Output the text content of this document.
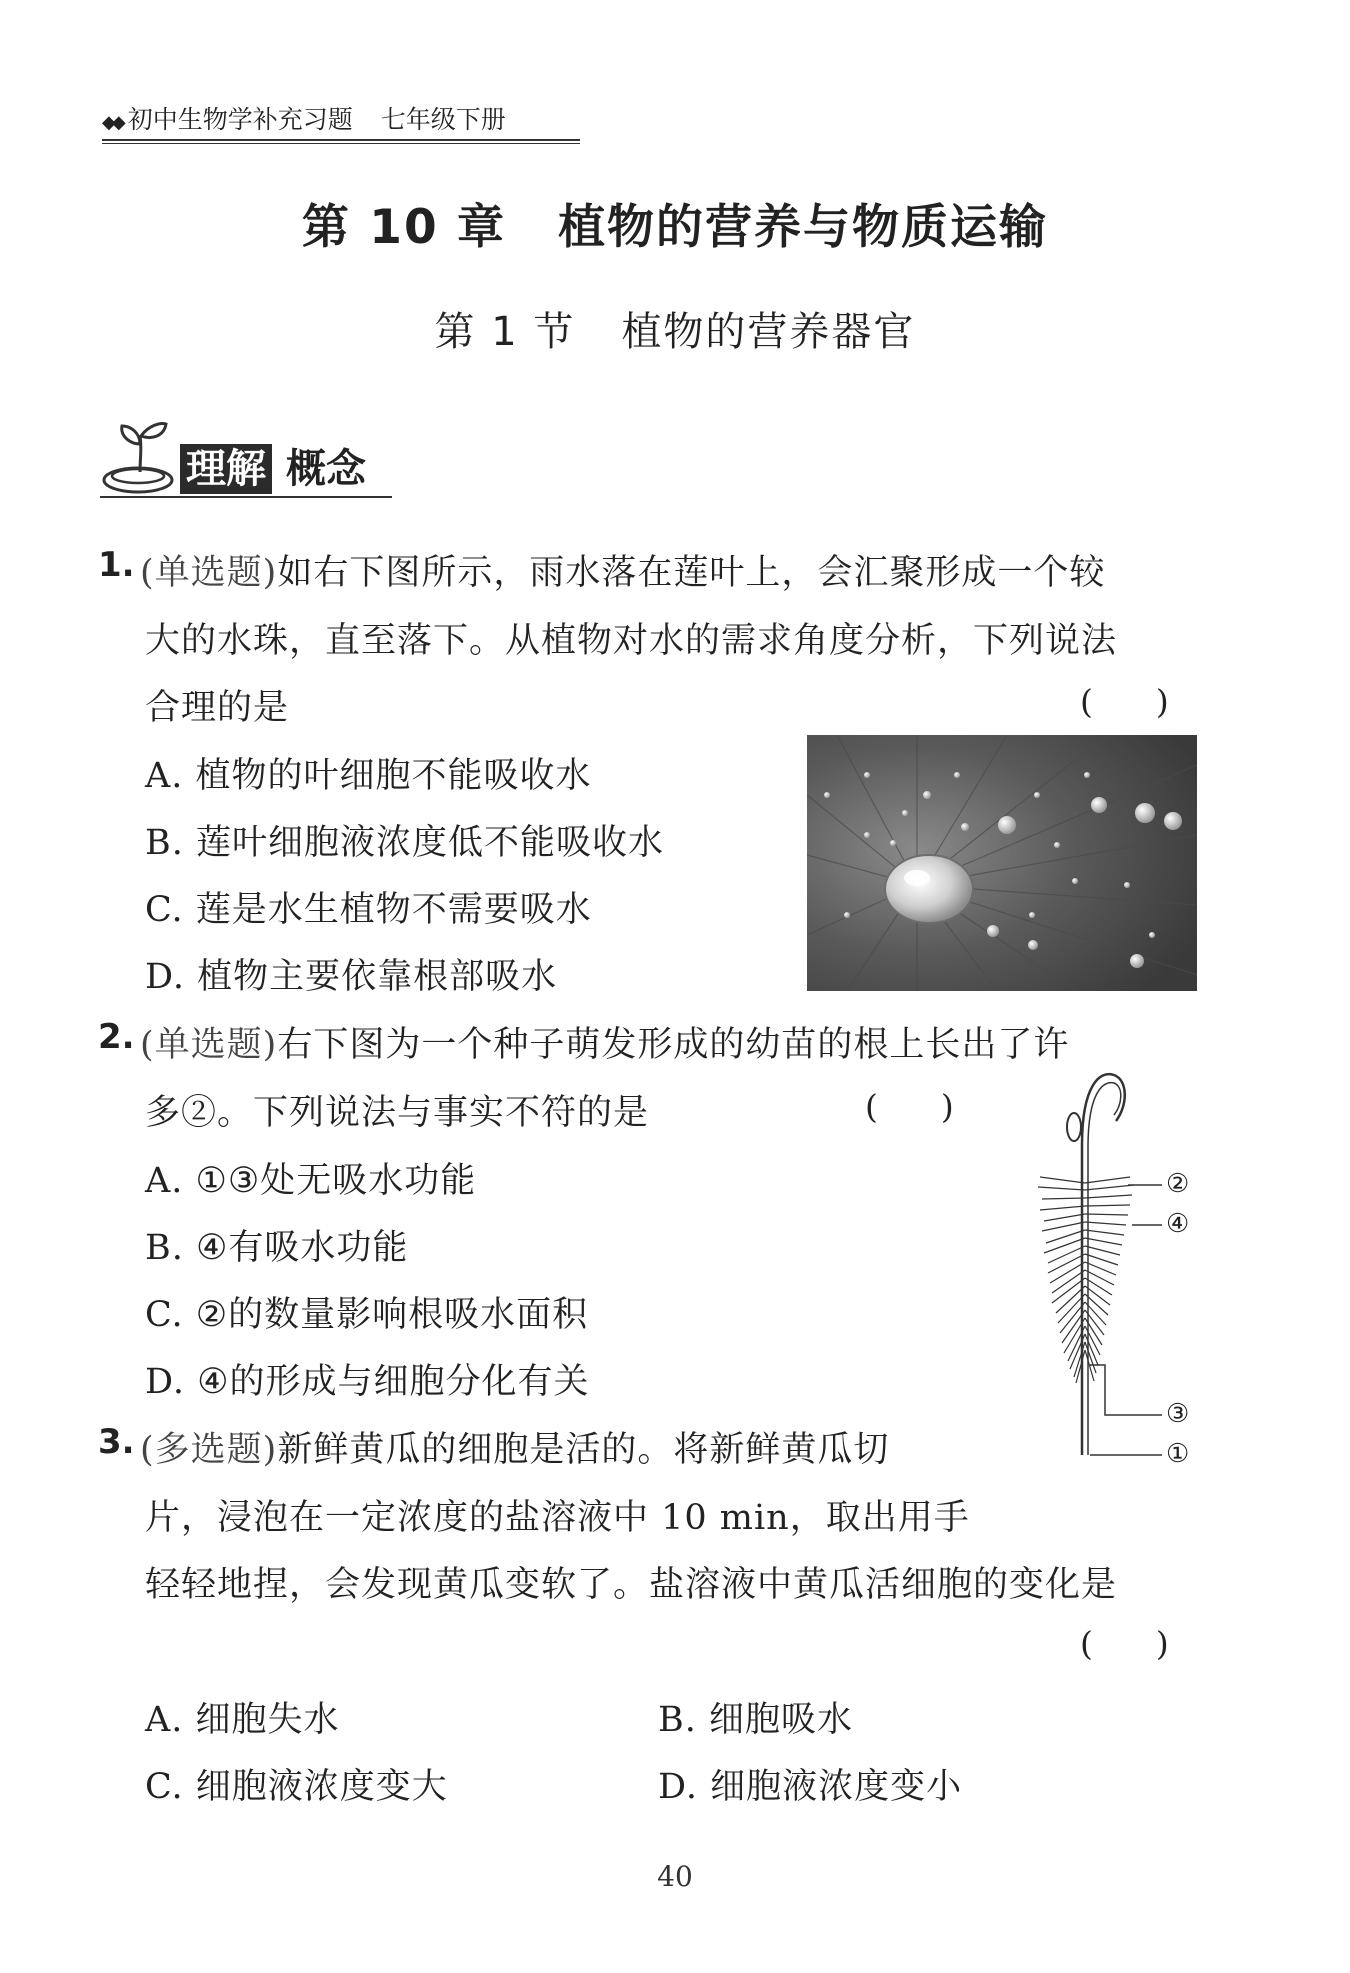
◆◆ 初中生物学补充习题 七年级下册
第 10 章 植物的营养与物质运输
第 1 节 植物的营养器官
理解 概念
1. (单选题)如右下图所示，雨水落在莲叶上，会汇聚形成一个较
大的水珠，直至落下。从植物对水的需求角度分析，下列说法
合理的是	(      )
A. 植物的叶细胞不能吸收水
B. 莲叶细胞液浓度低不能吸收水
C. 莲是水生植物不需要吸水
D. 植物主要依靠根部吸水
2. (单选题)右下图为一个种子萌发形成的幼苗的根上长出了许
多②。下列说法与事实不符的是	(      )
A. ①③处无吸水功能
B. ④有吸水功能
C. ②的数量影响根吸水面积
D. ④的形成与细胞分化有关
②
④
③
①
3. (多选题)新鲜黄瓜的细胞是活的。将新鲜黄瓜切
片，浸泡在一定浓度的盐溶液中 10 min，取出用手
轻轻地捏，会发现黄瓜变软了。盐溶液中黄瓜活细胞的变化是
(      )
A. 细胞失水	B. 细胞吸水
C. 细胞液浓度变大	D. 细胞液浓度变小
40
